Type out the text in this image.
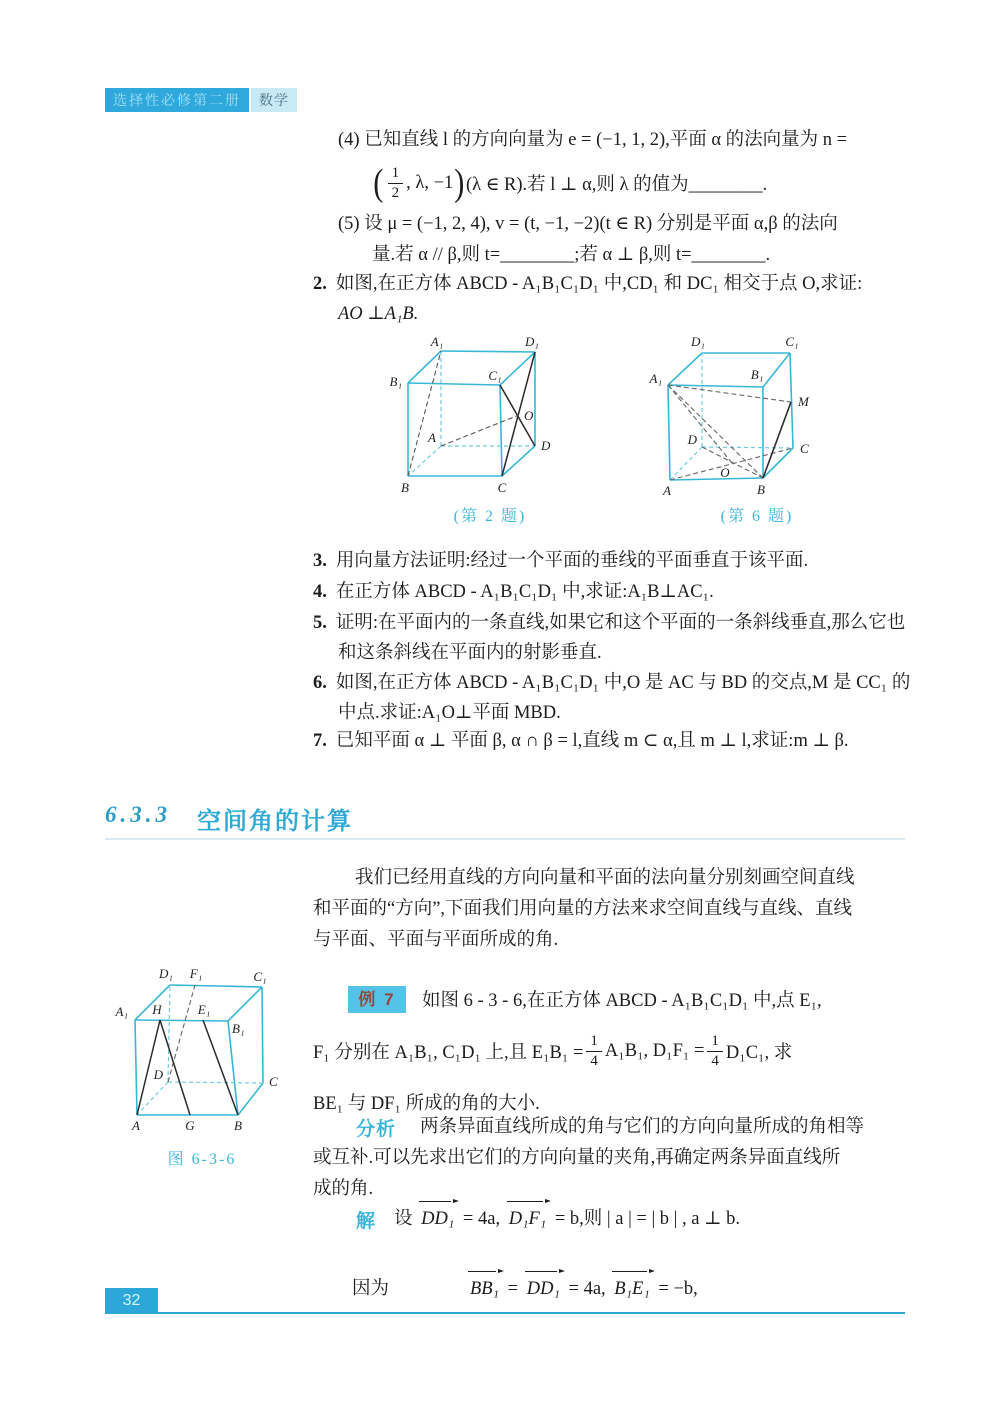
选择性必修第二册	数学
(4) 已知直线 l 的方向向量为 e = (−1, 1, 2),平面 α 的法向量为 n =
( $\frac{1}{2}$ , λ, −1 ) (λ ∈ R).若 l ⊥ α,则 λ 的值为________.
(5) 设 μ = (−1, 2, 4), v = (t, −1, −2)(t ∈ R) 分别是平面 α,β 的法向
量.若 α // β,则 t=________;若 α ⊥ β,则 t=________.
2. 如图,在正方体 ABCD - A₁B₁C₁D₁ 中,CD₁ 和 DC₁ 相交于点 O,求证:
AO ⊥A₁B.
A₁	D₁
B₁	C₁
O
A
D
B	C
(第 2 题)
D₁	C₁
A₁	B₁
M
D
C
O
A	B
(第 6 题)
3. 用向量方法证明:经过一个平面的垂线的平面垂直于该平面.
4. 在正方体 ABCD - A₁B₁C₁D₁ 中,求证:A₁B⊥AC₁.
5. 证明:在平面内的一条直线,如果它和这个平面的一条斜线垂直,那么它也
和这条斜线在平面内的射影垂直.
6. 如图,在正方体 ABCD - A₁B₁C₁D₁ 中,O 是 AC 与 BD 的交点,M 是 CC₁ 的
中点.求证:A₁O⊥平面 MBD.
7. 已知平面 α ⊥ 平面 β, α ∩ β = l,直线 m ⊂ α,且 m ⊥ l,求证:m ⊥ β.
6.3.3 空间角的计算
我们已经用直线的方向向量和平面的法向量分别刻画空间直线
和平面的“方向”,下面我们用向量的方法来求空间直线与直线、直线
与平面、平面与平面所成的角.
D₁ F₁	C₁
A₁ H	E₁
B₁
D	C
A	G	B
图 6-3-6
例 7	如图 6 - 3 - 6,在正方体 ABCD - A₁B₁C₁D₁ 中,点 E₁,
F₁ 分别在 A₁B₁, C₁D₁ 上,且 $E_1B_1 = \frac{1}{4} A_1B_1$, $D_1F_1 = \frac{1}{4} D_1C_1$, 求
BE₁ 与 DF₁ 所成的角的大小.
分析 两条异面直线所成的角与它们的方向向量所成的角相等
或互补.可以先求出它们的方向向量的夹角,再确定两条异面直线所
成的角.
解 设 DD₁ = 4a, D₁F₁ = b,则 | a | = | b | , a ⊥ b.
因为	BB₁ = DD₁ = 4a, B₁E₁ = −b,
32
